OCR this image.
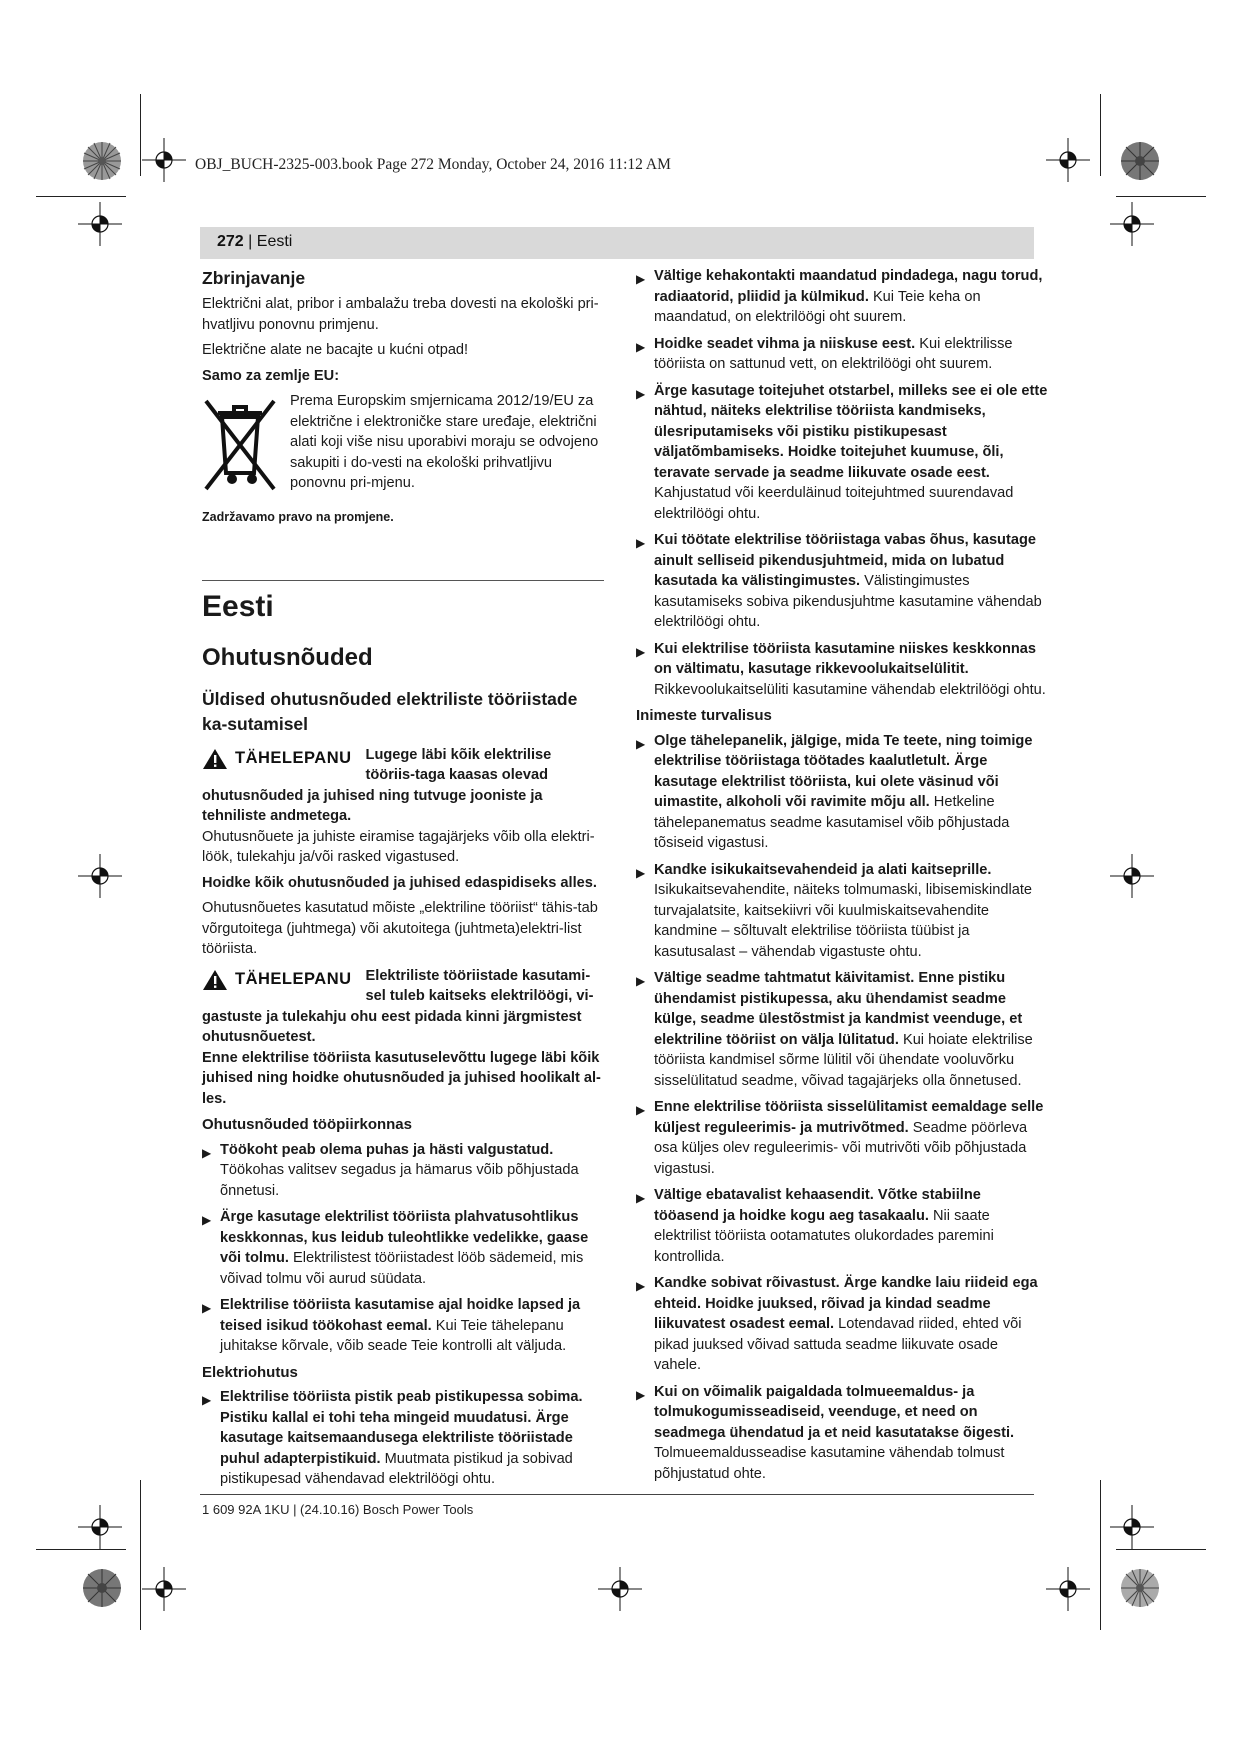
OBJ_BUCH-2325-003.book Page 272 Monday, October 24, 2016 11:12 AM
272 | Eesti
Zbrinjavanje

Električni alat, pribor i ambalažu treba dovesti na ekološki pri-hvatljivu ponovnu primjenu.

Električne alate ne bacajte u kućni otpad!

Samo za zemlje EU:

Prema Europskim smjernicama 2012/19/EU za električne i elektroničke stare uređaje, električni alati koji više nisu uporabivi moraju se odvojeno sakupiti i do-vesti na ekološki prihvatljivu ponovnu pri-mjenu.
Zadržavamo pravo na promjene.
Eesti
Ohutusnõuded
Üldised ohutusnõuded elektriliste tööriistade ka-sutamisel
TÄHELEPANU Lugege läbi kõik elektrilise tööriis-taga kaasas olevad ohutusnõuded ja juhised ning tutvuge jooniste ja tehniliste andmetega.

Ohutusnõuete ja juhiste eiramise tagajärjeks võib olla elektri-löök, tulekahju ja/või rasked vigastused.

Hoidke kõik ohutusnõuded ja juhised edaspidiseks alles.

Ohutusnõuetes kasutatud mõiste „elektriline tööriist“ tähis-tab võrgutoitega (juhtmega) või akutoitega (juhtmeta)elektri-list tööriista.

TÄHELEPANU Elektriliste tööriistade kasutami-sel tuleb kaitseks elektrilöögi, vi-gastuste ja tulekahju ohu eest pidada kinni järgmistest ohutusnõuetest.

Enne elektrilise tööriista kasutuselevõttu lugege läbi kõik juhised ning hoidke ohutusnõuded ja juhised hoolikalt al-les.

Ohutusnõuded tööpiirkonnas
▶ Töökoht peab olema puhas ja hästi valgustatud. Töökohas valitsev segadus ja hämarus võib põhjustada õnnetusi.
▶ Ärge kasutage elektrilist tööriista plahvatusohtlikus keskkonnas, kus leidub tuleohtlikke vedelikke, gaase või tolmu. Elektrilistest tööriistadest lööb sädemeid, mis võivad tolmu või aurud süüdata.
▶ Elektrilise tööriista kasutamise ajal hoidke lapsed ja teised isikud töökohast eemal. Kui Teie tähelepanu juhitakse kõrvale, võib seade Teie kontrolli alt väljuda.
Elektriohutus
▶ Elektrilise tööriista pistik peab pistikupessa sobima. Pistiku kallal ei tohi teha mingeid muudatusi. Ärge kasutage kaitsemaandusega elektriliste tööriistade puhul adapterpistikuid. Muutmata pistikud ja sobivad pistikupesad vähendavad elektrilöögi ohtu.
▶ Vältige kehakontakti maandatud pindadega, nagu torud, radiaatorid, pliidid ja külmikud. Kui Teie keha on maandatud, on elektrilöögi oht suurem.
▶ Hoidke seadet vihma ja niiskuse eest. Kui elektrilisse tööriista on sattunud vett, on elektrilöögi oht suurem.
▶ Ärge kasutage toitejuhet otstarbel, milleks see ei ole ette nähtud, näiteks elektrilise tööriista kandmiseks, ülesriputamiseks või pistiku pistikupesast väljatõmbamiseks. Hoidke toitejuhet kuumuse, õli, teravate servade ja seadme liikuvate osade eest. Kahjustatud või keerduläinud toitejuhtmed suurendavad elektrilöögi ohtu.
▶ Kui töötate elektrilise tööriistaga vabas õhus, kasutage ainult selliseid pikendusjuhtmeid, mida on lubatud kasutada ka välistingimustes. Välistingimustes kasutamiseks sobiva pikendusjuhtme kasutamine vähendab elektrilöögi ohtu.
▶ Kui elektrilise tööriista kasutamine niiskes keskkonnas on vältimatu, kasutage rikkevoolukaitselülitit. Rikkevoolukaitselüliti kasutamine vähendab elektrilöögi ohtu.
Inimeste turvalisus
▶ Olge tähelepanelik, jälgige, mida Te teete, ning toimige elektrilise tööriistaga töötades kaalutletult. Ärge kasutage elektrilist tööriista, kui olete väsinud või uimastite, alkoholi või ravimite mõju all. Hetkeline tähelepanematus seadme kasutamisel võib põhjustada tõsiseid vigastusi.
▶ Kandke isikukaitsevahendeid ja alati kaitseprille. Isikukaitsevahendite, näiteks tolmumaski, libisemiskindlate turvajalatsite, kaitsekiivri või kuulmiskaitsevahendite kandmine – sõltuvalt elektrilise tööriista tüübist ja kasutusalast – vähendab vigastuste ohtu.
▶ Vältige seadme tahtmatut käivitamist. Enne pistiku ühendamist pistikupessa, aku ühendamist seadme külge, seadme ülestõstmist ja kandmist veenduge, et elektriline tööriist on välja lülitatud. Kui hoiate elektrilise tööriista kandmisel sõrme lülitil või ühendate vooluvõrku sisselülitatud seadme, võivad tagajärjeks olla õnnetused.
▶ Enne elektrilise tööriista sisselülitamist eemaldage selle küljest reguleerimis- ja mutrivõtmed. Seadme pöörleva osa küljes olev reguleerimis- või mutrivõti võib põhjustada vigastusi.
▶ Vältige ebatavalist kehaasendit. Võtke stabiilne tööasend ja hoidke kogu aeg tasakaalu. Nii saate elektrilist tööriista ootamatutes olukordades paremini kontrollida.
▶ Kandke sobivat rõivastust. Ärge kandke laiu riideid ega ehteid. Hoidke juuksed, rõivad ja kindad seadme liikuvatest osadest eemal. Lotendavad riided, ehted või pikad juuksed võivad sattuda seadme liikuvate osade vahele.
▶ Kui on võimalik paigaldada tolmueemaldus- ja tolmukogumisseadiseid, veenduge, et need on seadmega ühendatud ja et neid kasutatakse õigesti. Tolmueemaldusseadise kasutamine vähendab tolmust põhjustatud ohte.
1 609 92A 1KU | (24.10.16) Bosch Power Tools
